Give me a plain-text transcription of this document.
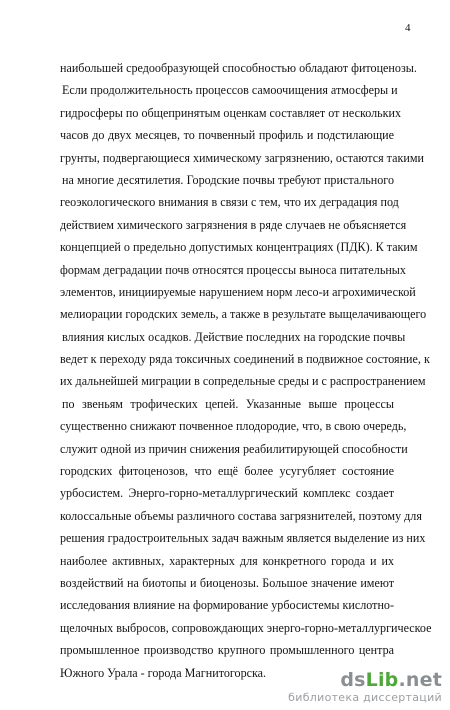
4
наибольшей средообразующей способностью обладают фитоценозы.
Если продолжительность процессов самоочищения атмосферы и
гидросферы по общепринятым оценкам составляет от нескольких
часов до двух месяцев, то почвенный профиль и подстилающие
грунты, подвергающиеся химическому загрязнению, остаются такими
на многие десятилетия. Городские почвы требуют пристального
геоэкологического внимания в связи с тем, что их деградация под
действием химического загрязнения в ряде случаев не объясняется
концепцией о предельно допустимых концентрациях (ПДК). К таким
формам деградации почв относятся процессы выноса питательных
элементов, инициируемые нарушением норм лесо-и агрохимической
мелиорации городских земель, а также в результате выщелачивающего
влияния кислых осадков. Действие последних на городские почвы
ведет к переходу ряда токсичных соединений в подвижное состояние, к
их дальнейшей миграции в сопредельные среды и с распространением
по звеньям трофических цепей. Указанные выше процессы
существенно снижают почвенное плодородие, что, в свою очередь,
служит одной из причин снижения реабилитирующей способности
городских фитоценозов, что ещё более усугубляет состояние
урбосистем. Энерго-горно-металлургический комплекс создает
колоссальные объемы различного состава загрязнителей, поэтому для
решения градостроительных задач важным является выделение из них
наиболее активных, характерных для конкретного города и их
воздействий на биотопы и биоценозы. Большое значение имеют
исследования влияние на формирование урбосистемы кислотно-
щелочных выбросов, сопровождающих энерго-горно-металлургическое
промышленное производство крупного промышленного центра
Южного Урала - города Магнитогорска.	dsLib.net
библиотека диссертаций
